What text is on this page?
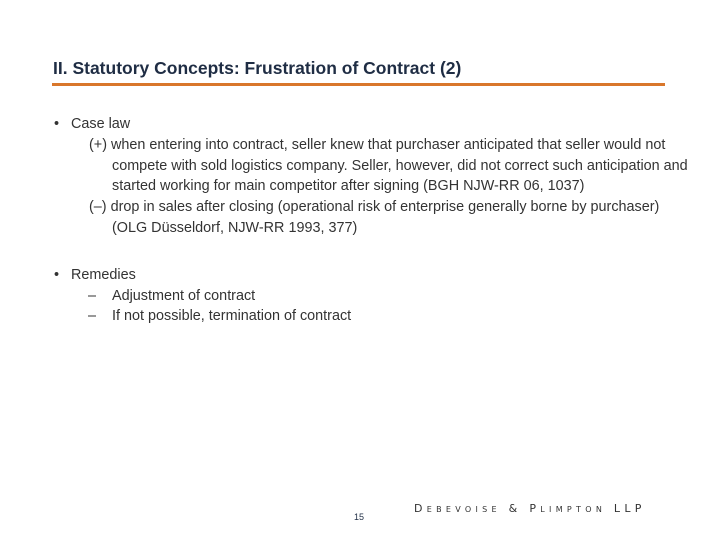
II. Statutory Concepts: Frustration of Contract (2)
• Case law
(+) when entering into contract, seller knew that purchaser anticipated that seller would not compete with sold logistics company. Seller, however, did not correct such anticipation and started working for main competitor after signing (BGH NJW-RR 06, 1037)
(–) drop in sales after closing (operational risk of enterprise generally borne by purchaser) (OLG Düsseldorf, NJW-RR 1993, 377)
• Remedies
– Adjustment of contract
– If not possible, termination of contract
15
Debevoise & Plimpton LLP
